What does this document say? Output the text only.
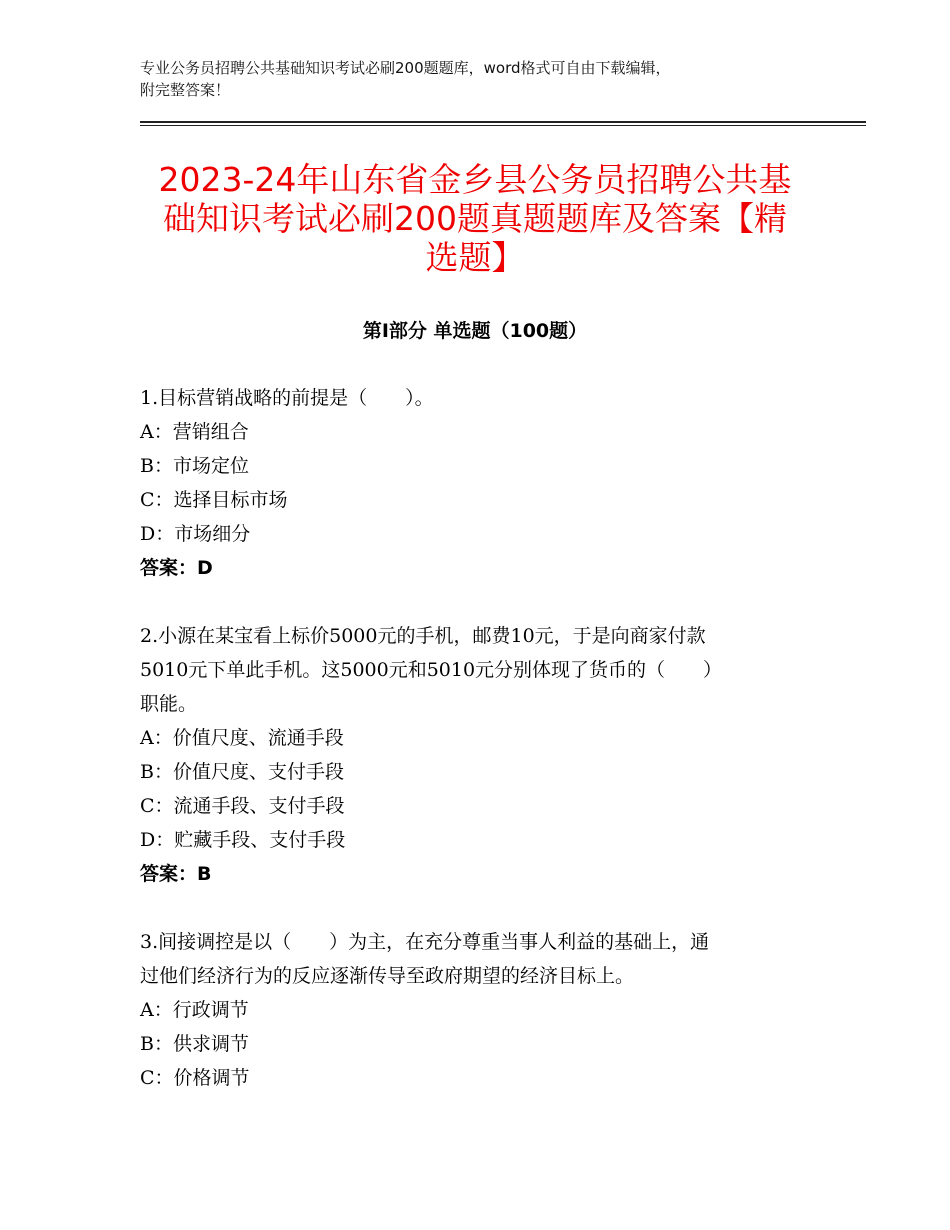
专业公务员招聘公共基础知识考试必刷200题题库，word格式可自由下载编辑，
附完整答案！
2023-24年山东省金乡县公务员招聘公共基
础知识考试必刷200题真题题库及答案【精
选题】
第Ⅰ部分 单选题（100题）
1.目标营销战略的前提是（　　）。
A：营销组合
B：市场定位
C：选择目标市场
D：市场细分
答案：D
2.小源在某宝看上标价5000元的手机，邮费10元，于是向商家付款
5010元下单此手机。这5000元和5010元分别体现了货币的（　　）
职能。
A：价值尺度、流通手段
B：价值尺度、支付手段
C：流通手段、支付手段
D：贮藏手段、支付手段
答案：B
3.间接调控是以（　　）为主，在充分尊重当事人利益的基础上，通
过他们经济行为的反应逐渐传导至政府期望的经济目标上。
A：行政调节
B：供求调节
C：价格调节
